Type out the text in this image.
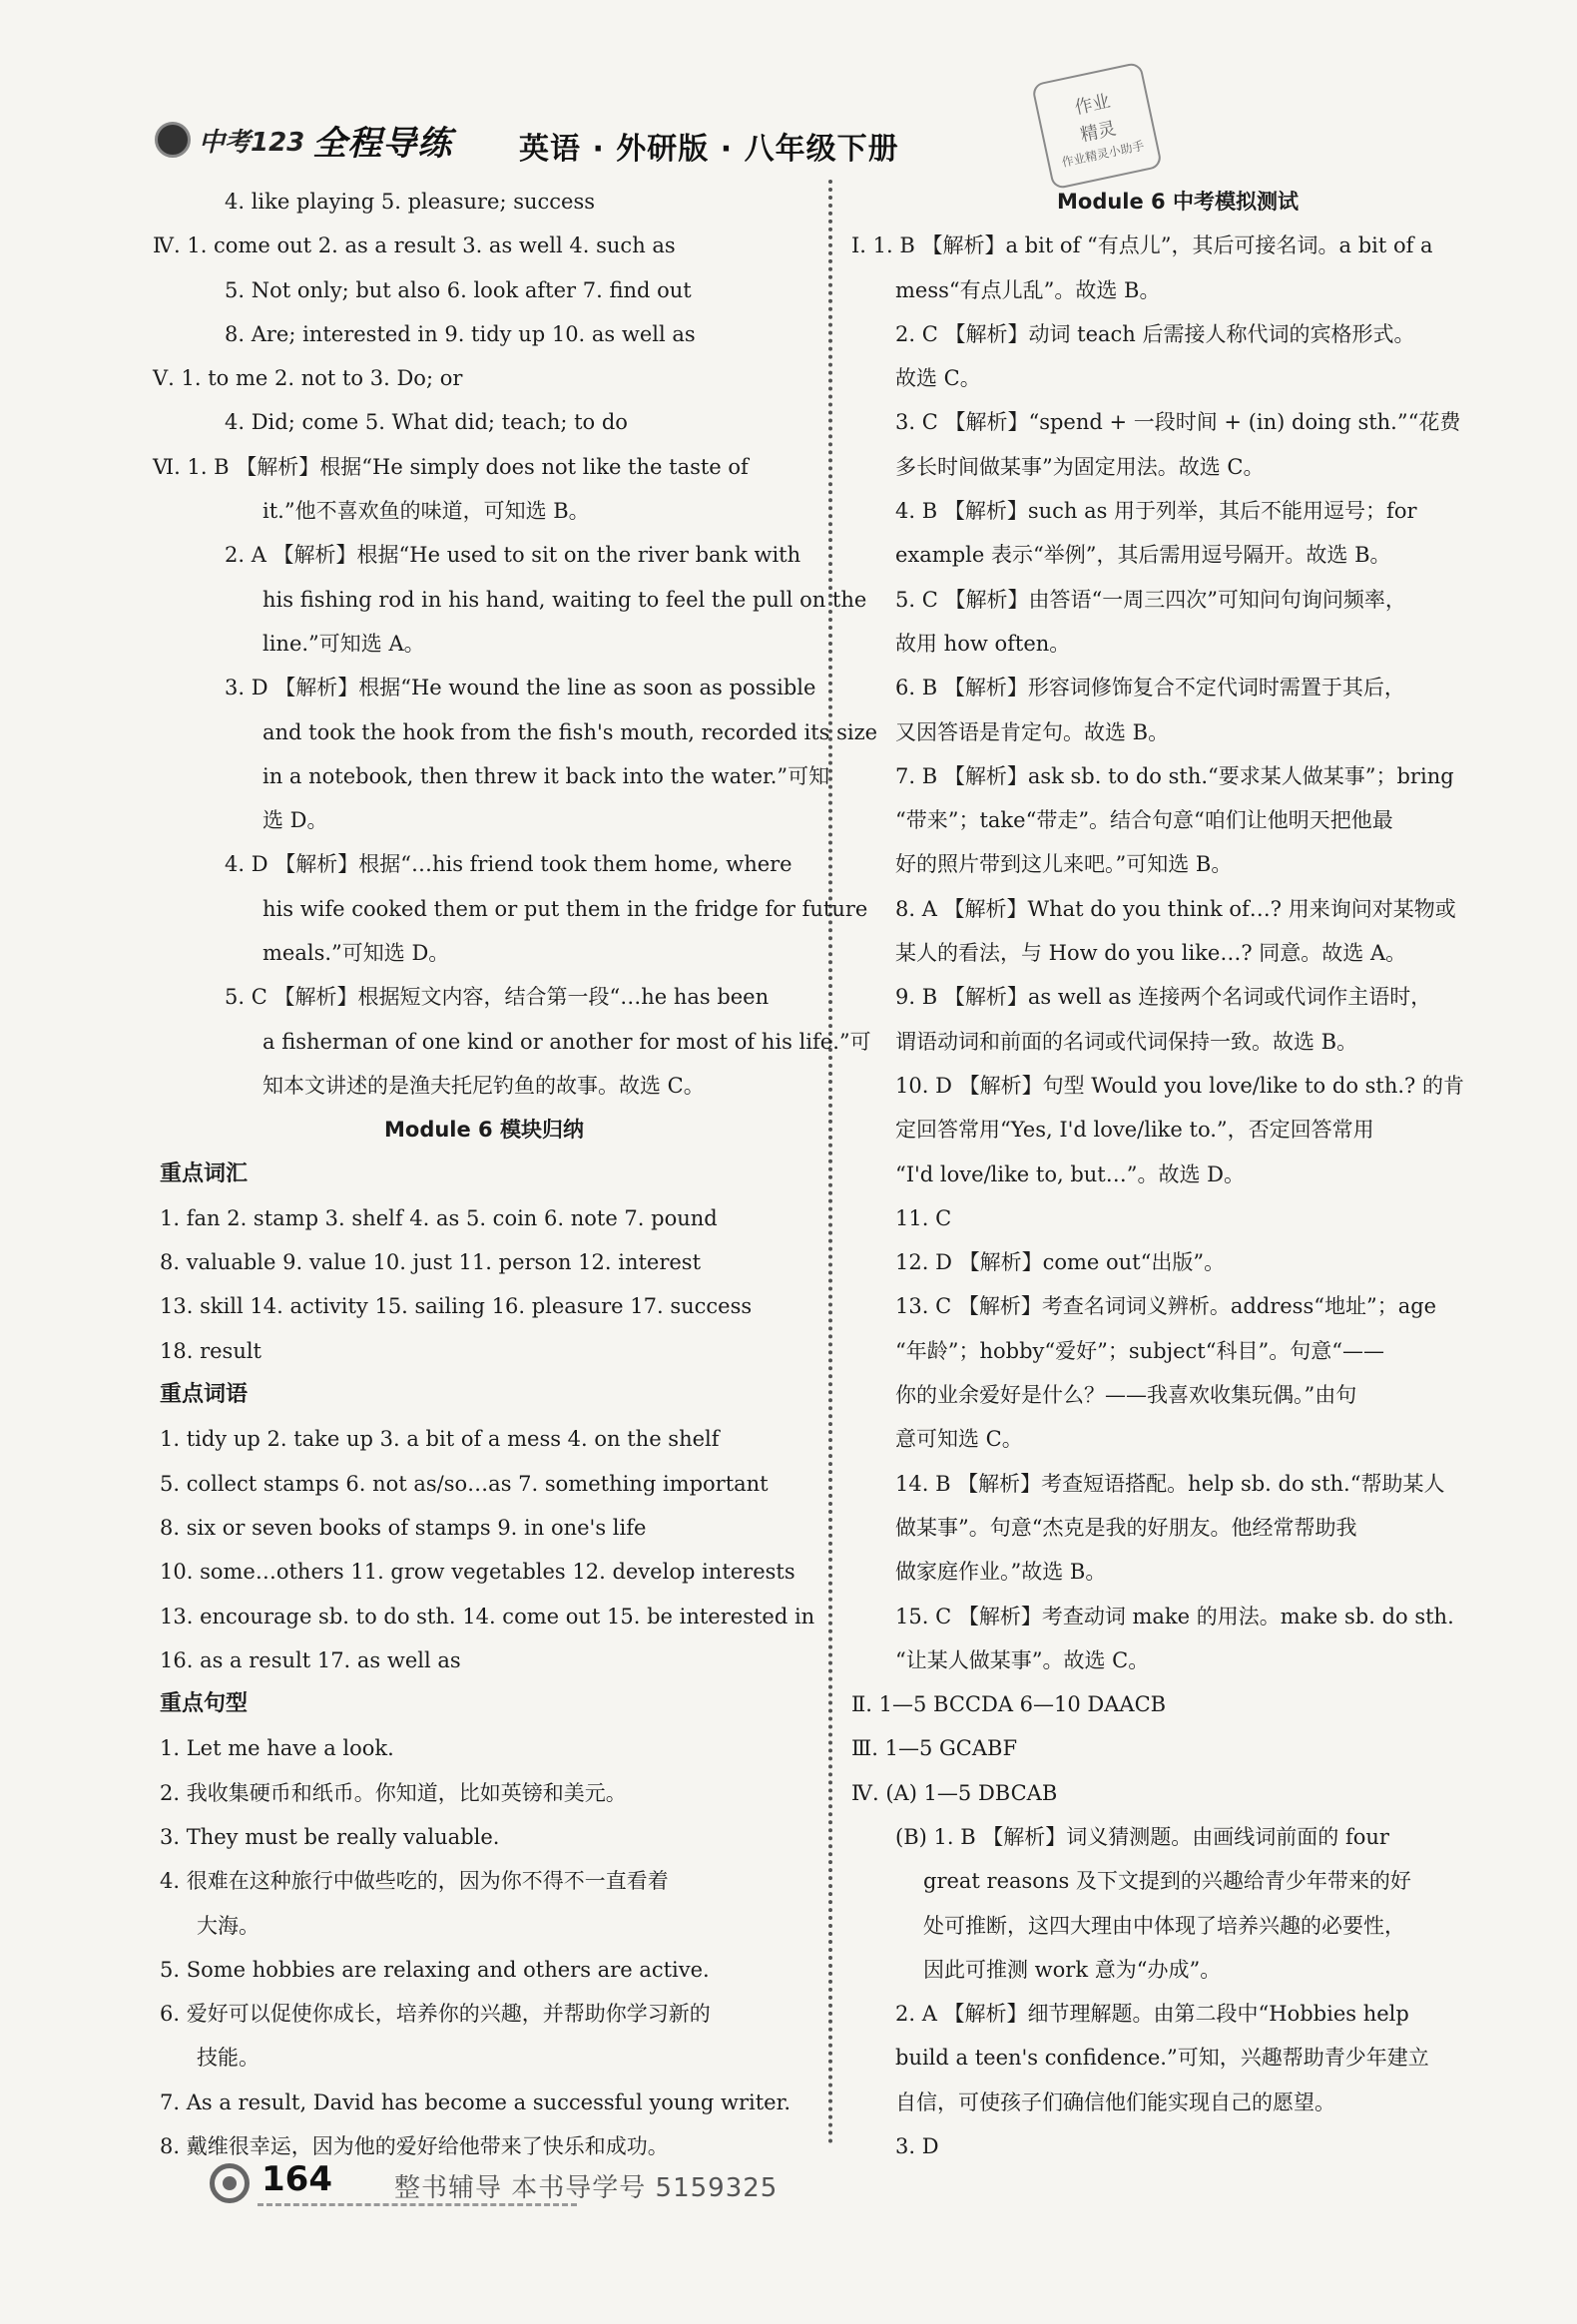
中考123 全程导练 英语 · 外研版 · 八年级下册
作业
精灵
作业精灵小助手
4. like playing 5. pleasure; success
Ⅳ. 1. come out 2. as a result 3. as well 4. such as
5. Not only; but also 6. look after 7. find out
8. Are; interested in 9. tidy up 10. as well as
Ⅴ. 1. to me 2. not to 3. Do; or
4. Did; come 5. What did; teach; to do
Ⅵ. 1. B 【解析】根据“He simply does not like the taste of
it.”他不喜欢鱼的味道，可知选 B。
2. A 【解析】根据“He used to sit on the river bank with
his fishing rod in his hand, waiting to feel the pull on the
line.”可知选 A。
3. D 【解析】根据“He wound the line as soon as possible
and took the hook from the fish's mouth, recorded its size
in a notebook, then threw it back into the water.”可知
选 D。
4. D 【解析】根据“…his friend took them home, where
his wife cooked them or put them in the fridge for future
meals.”可知选 D。
5. C 【解析】根据短文内容，结合第一段“…he has been
a fisherman of one kind or another for most of his life.”可
知本文讲述的是渔夫托尼钓鱼的故事。故选 C。
Module 6 模块归纳
重点词汇
1. fan 2. stamp 3. shelf 4. as 5. coin 6. note 7. pound
8. valuable 9. value 10. just 11. person 12. interest
13. skill 14. activity 15. sailing 16. pleasure 17. success
18. result
重点词语
1. tidy up 2. take up 3. a bit of a mess 4. on the shelf
5. collect stamps 6. not as/so…as 7. something important
8. six or seven books of stamps 9. in one's life
10. some…others 11. grow vegetables 12. develop interests
13. encourage sb. to do sth. 14. come out 15. be interested in
16. as a result 17. as well as
重点句型
1. Let me have a look.
2. 我收集硬币和纸币。你知道，比如英镑和美元。
3. They must be really valuable.
4. 很难在这种旅行中做些吃的，因为你不得不一直看着
大海。
5. Some hobbies are relaxing and others are active.
6. 爱好可以促使你成长，培养你的兴趣，并帮助你学习新的
技能。
7. As a result, David has become a successful young writer.
8. 戴维很幸运，因为他的爱好给他带来了快乐和成功。
Module 6 中考模拟测试
Ⅰ. 1. B 【解析】a bit of “有点儿”，其后可接名词。a bit of a
mess“有点儿乱”。故选 B。
2. C 【解析】动词 teach 后需接人称代词的宾格形式。
故选 C。
3. C 【解析】“spend + 一段时间 + (in) doing sth.”“花费
多长时间做某事”为固定用法。故选 C。
4. B 【解析】such as 用于列举，其后不能用逗号；for
example 表示“举例”，其后需用逗号隔开。故选 B。
5. C 【解析】由答语“一周三四次”可知问句询问频率，
故用 how often。
6. B 【解析】形容词修饰复合不定代词时需置于其后，
又因答语是肯定句。故选 B。
7. B 【解析】ask sb. to do sth.“要求某人做某事”；bring
“带来”；take“带走”。结合句意“咱们让他明天把他最
好的照片带到这儿来吧。”可知选 B。
8. A 【解析】What do you think of…? 用来询问对某物或
某人的看法，与 How do you like…? 同意。故选 A。
9. B 【解析】as well as 连接两个名词或代词作主语时，
谓语动词和前面的名词或代词保持一致。故选 B。
10. D 【解析】句型 Would you love/like to do sth.? 的肯
定回答常用“Yes, I'd love/like to.”，否定回答常用
“I'd love/like to, but…”。故选 D。
11. C
12. D 【解析】come out“出版”。
13. C 【解析】考查名词词义辨析。address“地址”；age
“年龄”；hobby“爱好”；subject“科目”。句意“——
你的业余爱好是什么？——我喜欢收集玩偶。”由句
意可知选 C。
14. B 【解析】考查短语搭配。help sb. do sth.“帮助某人
做某事”。句意“杰克是我的好朋友。他经常帮助我
做家庭作业。”故选 B。
15. C 【解析】考查动词 make 的用法。make sb. do sth.
“让某人做某事”。故选 C。
Ⅱ. 1—5 BCCDA 6—10 DAACB
Ⅲ. 1—5 GCABF
Ⅳ. (A) 1—5 DBCAB
(B) 1. B 【解析】词义猜测题。由画线词前面的 four
great reasons 及下文提到的兴趣给青少年带来的好
处可推断，这四大理由中体现了培养兴趣的必要性，
因此可推测 work 意为“办成”。
2. A 【解析】细节理解题。由第二段中“Hobbies help
build a teen's confidence.”可知，兴趣帮助青少年建立
自信，可使孩子们确信他们能实现自己的愿望。
3. D
164 整书辅导 本书导学号 5159325
